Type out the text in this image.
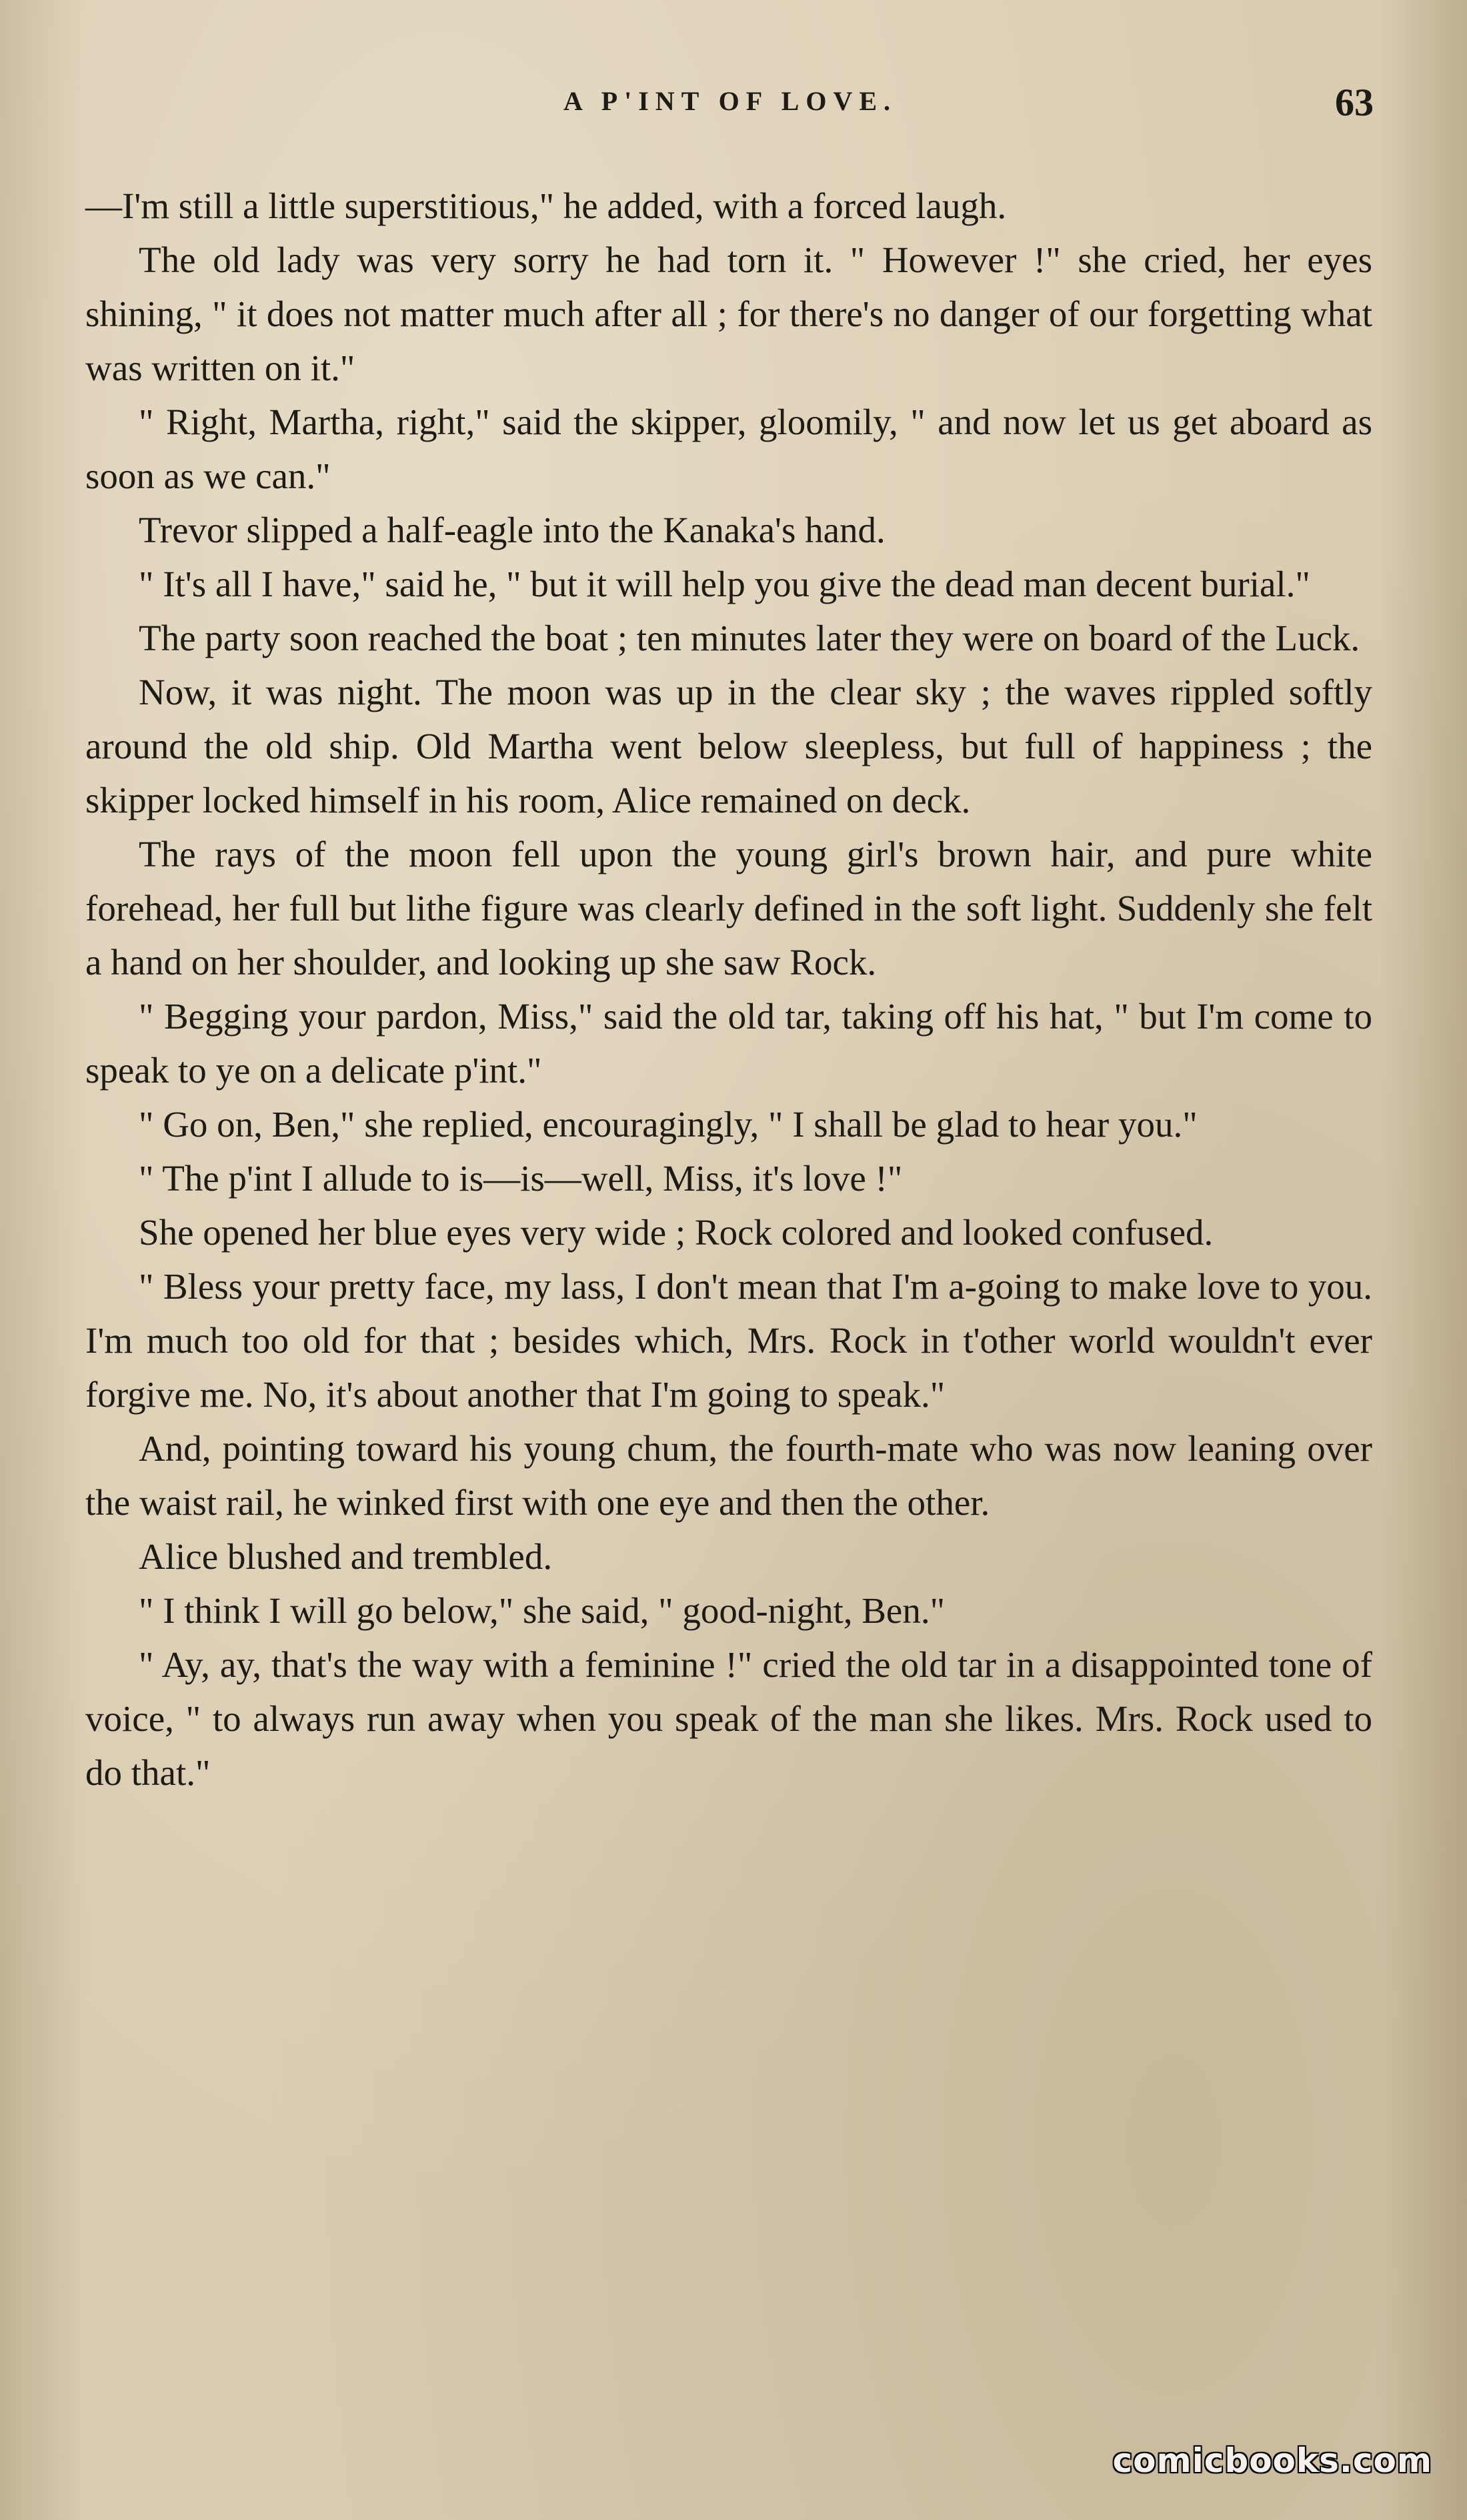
A P'INT OF LOVE.	63

—I'm still a little superstitious," he added, with a forced laugh.

The old lady was very sorry he had torn it. " However !" she cried, her eyes shining, " it does not matter much after all ; for there's no danger of our forgetting what was written on it."

" Right, Martha, right," said the skipper, gloomily, " and now let us get aboard as soon as we can."

Trevor slipped a half-eagle into the Kanaka's hand.

" It's all I have," said he, " but it will help you give the dead man decent burial."

The party soon reached the boat ; ten minutes later they were on board of the Luck.

Now, it was night. The moon was up in the clear sky ; the waves rippled softly around the old ship. Old Martha went below sleepless, but full of happiness ; the skipper locked himself in his room, Alice remained on deck.

The rays of the moon fell upon the young girl's brown hair, and pure white forehead, her full but lithe figure was clearly defined in the soft light. Suddenly she felt a hand on her shoulder, and looking up she saw Rock.

" Begging your pardon, Miss," said the old tar, taking off his hat, " but I'm come to speak to ye on a delicate p'int."

" Go on, Ben," she replied, encouragingly, " I shall be glad to hear you."

" The p'int I allude to is—is—well, Miss, it's love !"

She opened her blue eyes very wide ; Rock colored and looked confused.

" Bless your pretty face, my lass, I don't mean that I'm a-going to make love to you. I'm much too old for that ; besides which, Mrs. Rock in t'other world wouldn't ever forgive me. No, it's about another that I'm going to speak."

And, pointing toward his young chum, the fourth-mate who was now leaning over the waist rail, he winked first with one eye and then the other.

Alice blushed and trembled.

" I think I will go below," she said, " good-night, Ben."

" Ay, ay, that's the way with a feminine !" cried the old tar in a disappointed tone of voice, " to always run away when you speak of the man she likes. Mrs. Rock used to do that."

comicbooks.com
